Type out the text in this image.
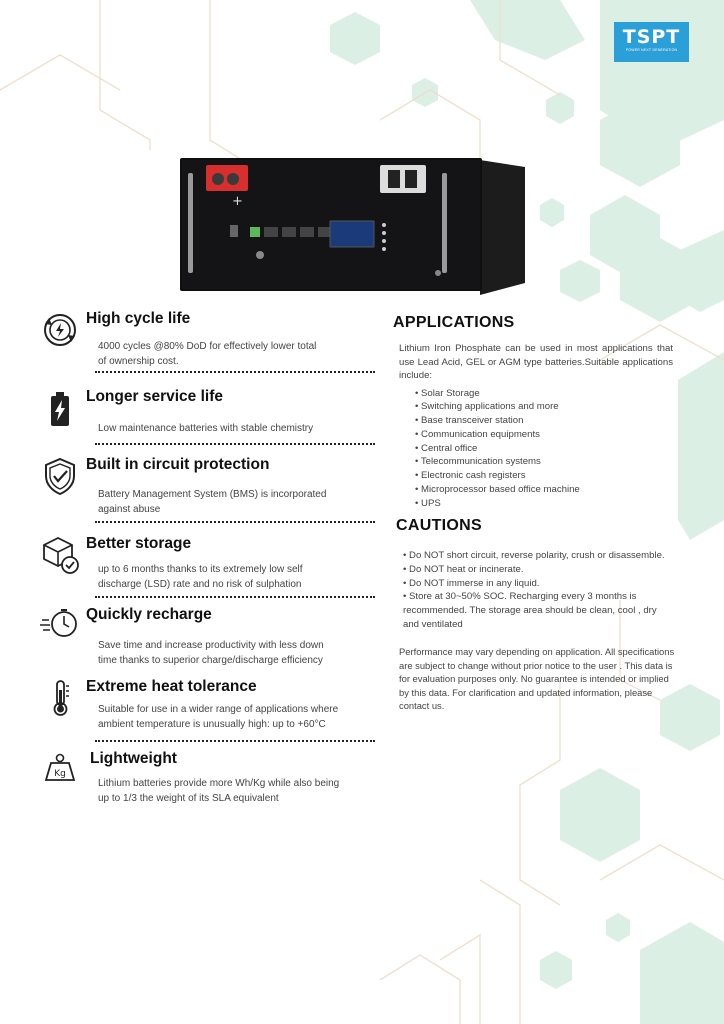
TSPT
POWER NEXT GENERATION
+
High cycle life

4000 cycles @80% DoD for effectively lower total
of ownership cost.

Longer service life

Low maintenance batteries with stable chemistry

Built in circuit protection

Battery Management System (BMS) is incorporated
against abuse

Better storage

up to 6 months thanks to its extremely low self
discharge (LSD) rate and no risk of sulphation

Quickly recharge

Save time and increase productivity with less down
time thanks to superior charge/discharge efficiency

Extreme heat tolerance

Suitable for use in a wider range of applications where
ambient temperature is unusually high: up to +60°C

Kg
Lightweight

Lithium batteries provide more Wh/Kg while also being
up to 1/3 the weight of its SLA equivalent

APPLICATIONS

Lithium Iron Phosphate can be used in most applications that use Lead Acid, GEL or AGM type batteries.Suitable applications include:

• Solar Storage
• Switching applications and more
• Base transceiver station
• Communication equipments
• Central office
• Telecommunication systems
• Electronic cash registers
• Microprocessor based office machine
• UPS
CAUTIONS

• Do NOT short circuit, reverse polarity, crush or disassemble.

• Do NOT heat or incinerate.

• Do NOT immerse in any liquid.

• Store at 30~50% SOC. Recharging every 3 months is

recommended. The storage area should be clean, cool , dry

and ventilated

Performance may vary depending on application. All specifications are subject to change without prior notice to the user . This data is for evaluation purposes only. No guarantee is intended or implied by this data. For clarification and updated information, please contact us.
